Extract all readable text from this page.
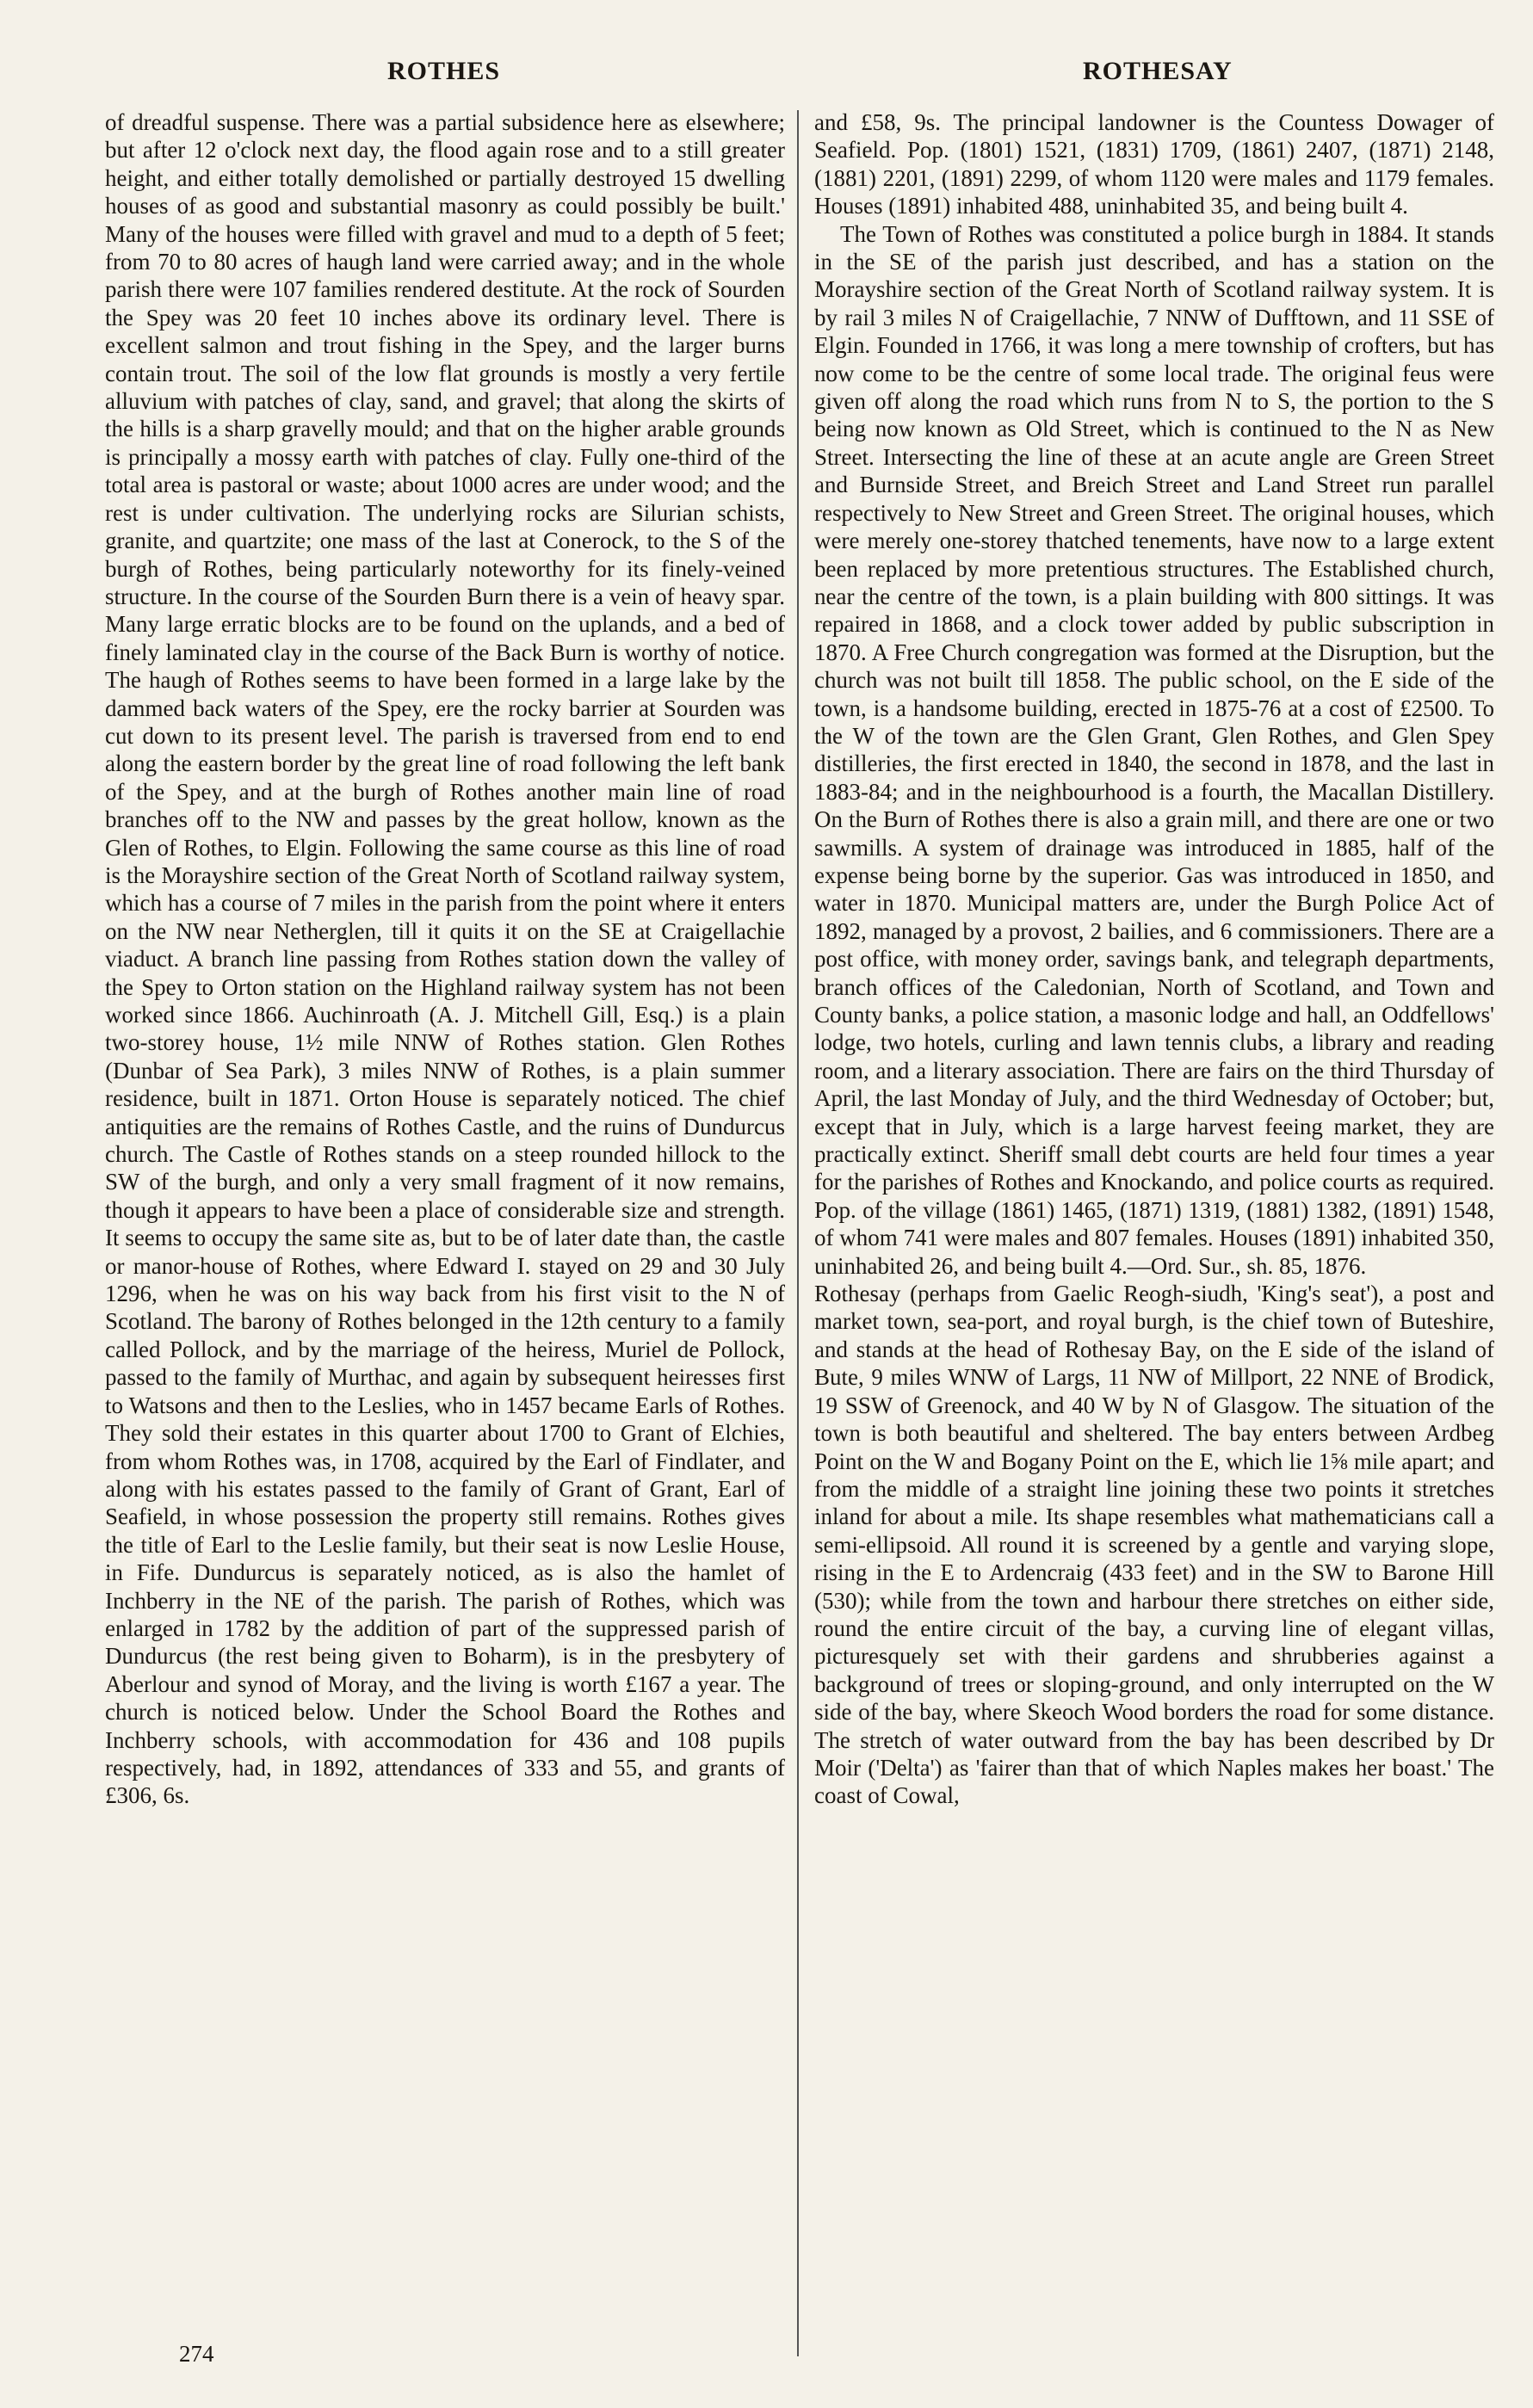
ROTHES	ROTHESAY

of dreadful suspense. There was a partial subsidence here as elsewhere; but after 12 o'clock next day, the flood again rose and to a still greater height, and either totally demolished or partially destroyed 15 dwelling houses of as good and substantial masonry as could possibly be built.' Many of the houses were filled with gravel and mud to a depth of 5 feet; from 70 to 80 acres of haugh land were carried away; and in the whole parish there were 107 families rendered destitute. At the rock of Sourden the Spey was 20 feet 10 inches above its ordinary level. There is excellent salmon and trout fishing in the Spey, and the larger burns contain trout. The soil of the low flat grounds is mostly a very fertile alluvium with patches of clay, sand, and gravel; that along the skirts of the hills is a sharp gravelly mould; and that on the higher arable grounds is principally a mossy earth with patches of clay. Fully one-third of the total area is pastoral or waste; about 1000 acres are under wood; and the rest is under cultivation. The underlying rocks are Silurian schists, granite, and quartzite; one mass of the last at Conerock, to the S of the burgh of Rothes, being particularly noteworthy for its finely-veined structure. In the course of the Sourden Burn there is a vein of heavy spar. Many large erratic blocks are to be found on the uplands, and a bed of finely laminated clay in the course of the Back Burn is worthy of notice. The haugh of Rothes seems to have been formed in a large lake by the dammed back waters of the Spey, ere the rocky barrier at Sourden was cut down to its present level. The parish is traversed from end to end along the eastern border by the great line of road following the left bank of the Spey, and at the burgh of Rothes another main line of road branches off to the NW and passes by the great hollow, known as the Glen of Rothes, to Elgin. Following the same course as this line of road is the Morayshire section of the Great North of Scotland railway system, which has a course of 7 miles in the parish from the point where it enters on the NW near Netherglen, till it quits it on the SE at Craigellachie viaduct. A branch line passing from Rothes station down the valley of the Spey to Orton station on the Highland railway system has not been worked since 1866. Auchinroath (A. J. Mitchell Gill, Esq.) is a plain two-storey house, 1½ mile NNW of Rothes station. Glen Rothes (Dunbar of Sea Park), 3 miles NNW of Rothes, is a plain summer residence, built in 1871. Orton House is separately noticed. The chief antiquities are the remains of Rothes Castle, and the ruins of Dundurcus church. The Castle of Rothes stands on a steep rounded hillock to the SW of the burgh, and only a very small fragment of it now remains, though it appears to have been a place of considerable size and strength. It seems to occupy the same site as, but to be of later date than, the castle or manor-house of Rothes, where Edward I. stayed on 29 and 30 July 1296, when he was on his way back from his first visit to the N of Scotland. The barony of Rothes belonged in the 12th century to a family called Pollock, and by the marriage of the heiress, Muriel de Pollock, passed to the family of Murthac, and again by subsequent heiresses first to Watsons and then to the Leslies, who in 1457 became Earls of Rothes. They sold their estates in this quarter about 1700 to Grant of Elchies, from whom Rothes was, in 1708, acquired by the Earl of Findlater, and along with his estates passed to the family of Grant of Grant, Earl of Seafield, in whose possession the property still remains. Rothes gives the title of Earl to the Leslie family, but their seat is now Leslie House, in Fife. Dundurcus is separately noticed, as is also the hamlet of Inchberry in the NE of the parish. The parish of Rothes, which was enlarged in 1782 by the addition of part of the suppressed parish of Dundurcus (the rest being given to Boharm), is in the presbytery of Aberlour and synod of Moray, and the living is worth £167 a year. The church is noticed below. Under the School Board the Rothes and Inchberry schools, with accommodation for 436 and 108 pupils respectively, had, in 1892, attendances of 333 and 55, and grants of £306, 6s.

and £58, 9s. The principal landowner is the Countess Dowager of Seafield. Pop. (1801) 1521, (1831) 1709, (1861) 2407, (1871) 2148, (1881) 2201, (1891) 2299, of whom 1120 were males and 1179 females. Houses (1891) inhabited 488, uninhabited 35, and being built 4.

The Town of Rothes was constituted a police burgh in 1884. It stands in the SE of the parish just described, and has a station on the Morayshire section of the Great North of Scotland railway system. It is by rail 3 miles N of Craigellachie, 7 NNW of Dufftown, and 11 SSE of Elgin. Founded in 1766, it was long a mere township of crofters, but has now come to be the centre of some local trade. The original feus were given off along the road which runs from N to S, the portion to the S being now known as Old Street, which is continued to the N as New Street. Intersecting the line of these at an acute angle are Green Street and Burnside Street, and Breich Street and Land Street run parallel respectively to New Street and Green Street. The original houses, which were merely one-storey thatched tenements, have now to a large extent been replaced by more pretentious structures. The Established church, near the centre of the town, is a plain building with 800 sittings. It was repaired in 1868, and a clock tower added by public subscription in 1870. A Free Church congregation was formed at the Disruption, but the church was not built till 1858. The public school, on the E side of the town, is a handsome building, erected in 1875-76 at a cost of £2500. To the W of the town are the Glen Grant, Glen Rothes, and Glen Spey distilleries, the first erected in 1840, the second in 1878, and the last in 1883-84; and in the neighbourhood is a fourth, the Macallan Distillery. On the Burn of Rothes there is also a grain mill, and there are one or two sawmills. A system of drainage was introduced in 1885, half of the expense being borne by the superior. Gas was introduced in 1850, and water in 1870. Municipal matters are, under the Burgh Police Act of 1892, managed by a provost, 2 bailies, and 6 commissioners. There are a post office, with money order, savings bank, and telegraph departments, branch offices of the Caledonian, North of Scotland, and Town and County banks, a police station, a masonic lodge and hall, an Oddfellows' lodge, two hotels, curling and lawn tennis clubs, a library and reading room, and a literary association. There are fairs on the third Thursday of April, the last Monday of July, and the third Wednesday of October; but, except that in July, which is a large harvest feeing market, they are practically extinct. Sheriff small debt courts are held four times a year for the parishes of Rothes and Knockando, and police courts as required. Pop. of the village (1861) 1465, (1871) 1319, (1881) 1382, (1891) 1548, of whom 741 were males and 807 females. Houses (1891) inhabited 350, uninhabited 26, and being built 4.—Ord. Sur., sh. 85, 1876.

Rothesay (perhaps from Gaelic Reogh-siudh, 'King's seat'), a post and market town, sea-port, and royal burgh, is the chief town of Buteshire, and stands at the head of Rothesay Bay, on the E side of the island of Bute, 9 miles WNW of Largs, 11 NW of Millport, 22 NNE of Brodick, 19 SSW of Greenock, and 40 W by N of Glasgow. The situation of the town is both beautiful and sheltered. The bay enters between Ardbeg Point on the W and Bogany Point on the E, which lie 1⅝ mile apart; and from the middle of a straight line joining these two points it stretches inland for about a mile. Its shape resembles what mathematicians call a semi-ellipsoid. All round it is screened by a gentle and varying slope, rising in the E to Ardencraig (433 feet) and in the SW to Barone Hill (530); while from the town and harbour there stretches on either side, round the entire circuit of the bay, a curving line of elegant villas, picturesquely set with their gardens and shrubberies against a background of trees or sloping-ground, and only interrupted on the W side of the bay, where Skeoch Wood borders the road for some distance. The stretch of water outward from the bay has been described by Dr Moir ('Delta') as 'fairer than that of which Naples makes her boast.' The coast of Cowal,

274
